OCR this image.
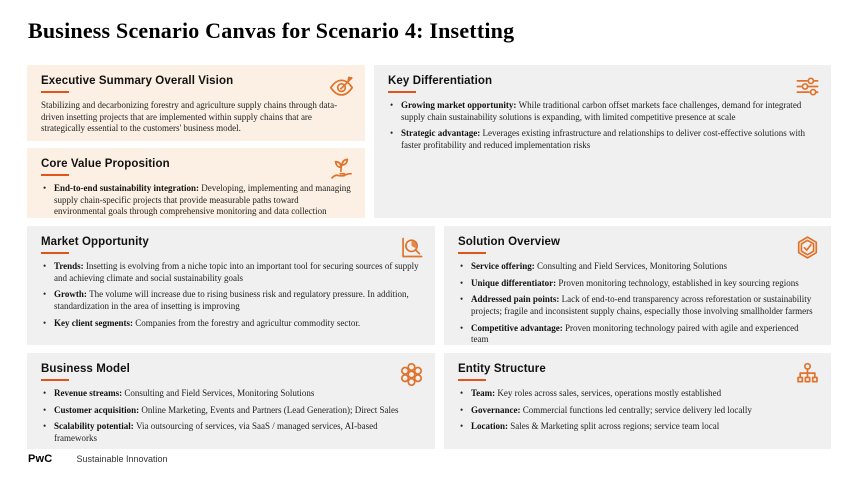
Business Scenario Canvas for Scenario 4: Insetting
Executive Summary Overall Vision

Stabilizing and decarbonizing forestry and agriculture supply chains through data-driven insetting projects that are implemented within supply chains that are strategically essential to the customers' business model.

Core Value Proposition
• End-to-end sustainability integration: Developing, implementing and managing supply chain-specific projects that provide measurable paths toward environmental goals through comprehensive monitoring and data collection
Key Differentiation
• Growing market opportunity: While traditional carbon offset markets face challenges, demand for integrated supply chain sustainability solutions is expanding, with limited competitive presence at scale
• Strategic advantage: Leverages existing infrastructure and relationships to deliver cost-effective solutions with faster profitability and reduced implementation risks
Market Opportunity
• Trends: Insetting is evolving from a niche topic into an important tool for securing sources of supply and achieving climate and social sustainability goals
• Growth: The volume will increase due to rising business risk and regulatory pressure. In addition, standardization in the area of insetting is improving
• Key client segments: Companies from the forestry and agricultur commodity sector.
Solution Overview
• Service offering: Consulting and Field Services, Monitoring Solutions
• Unique differentiator: Proven monitoring technology, established in key sourcing regions
• Addressed pain points: Lack of end-to-end transparency across reforestation or sustainability projects; fragile and inconsistent supply chains, especially those involving smallholder farmers
• Competitive advantage: Proven monitoring technology paired with agile and experienced team
Business Model
• Revenue streams: Consulting and Field Services, Monitoring Solutions
• Customer acquisition: Online Marketing, Events and Partners (Lead Generation); Direct Sales
• Scalability potential: Via outsourcing of services, via SaaS / managed services, AI-based frameworks
Entity Structure
• Team: Key roles across sales, services, operations mostly established
• Governance: Commercial functions led centrally; service delivery led locally
• Location: Sales & Marketing split across regions; service team local
PwC	Sustainable Innovation
